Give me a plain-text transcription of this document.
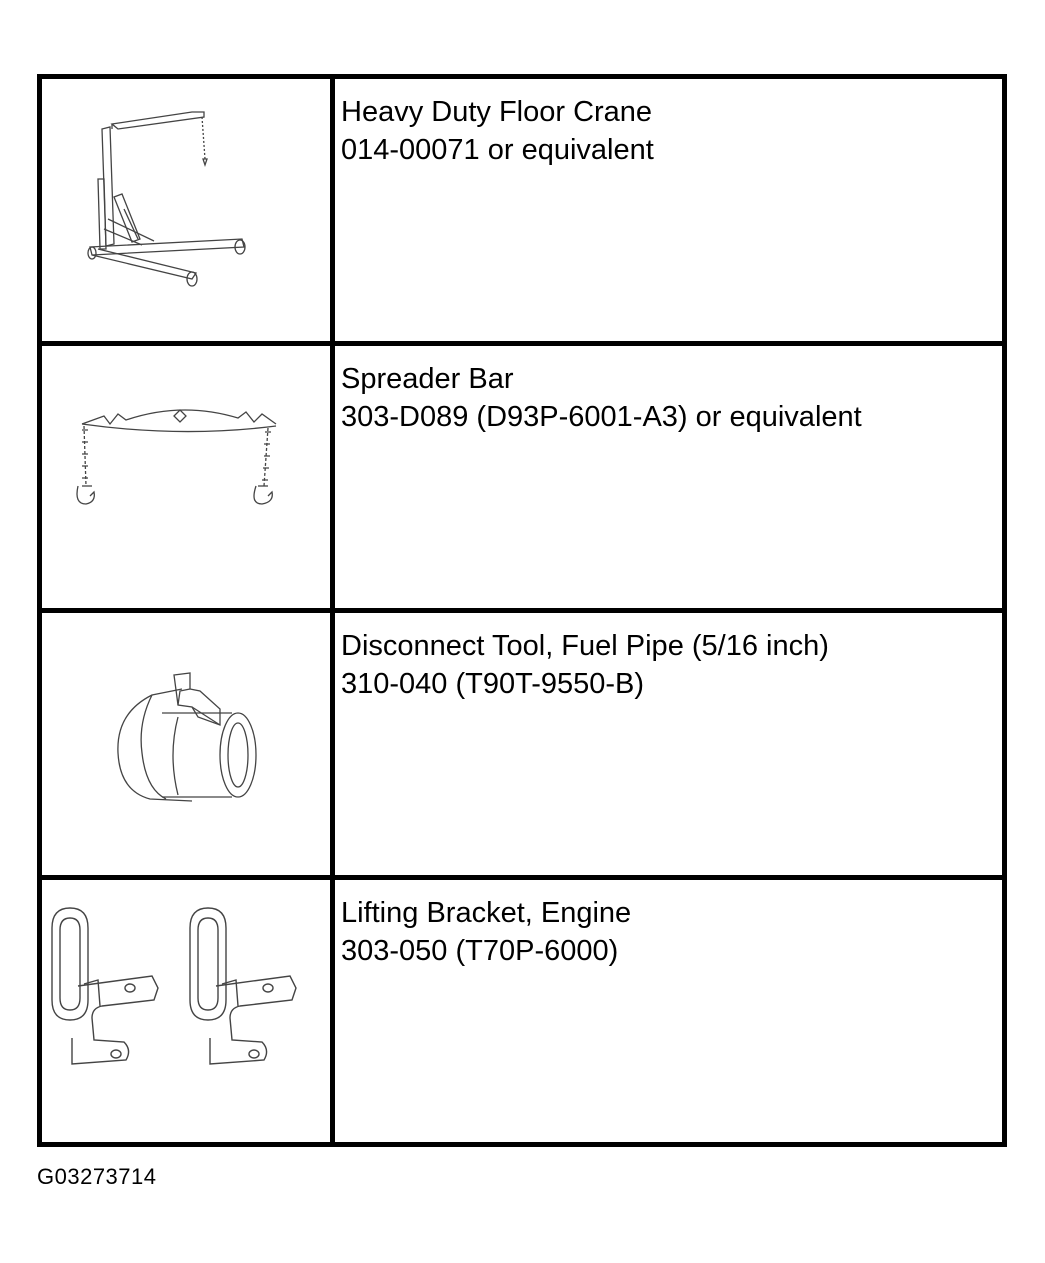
Heavy Duty Floor Crane
014-00071 or equivalent

Spreader Bar
303-D089 (D93P-6001-A3) or equivalent

Disconnect Tool, Fuel Pipe (5/16 inch)
310-040 (T90T-9550-B)

Lifting Bracket, Engine
303-050 (T70P-6000)
G03273714
